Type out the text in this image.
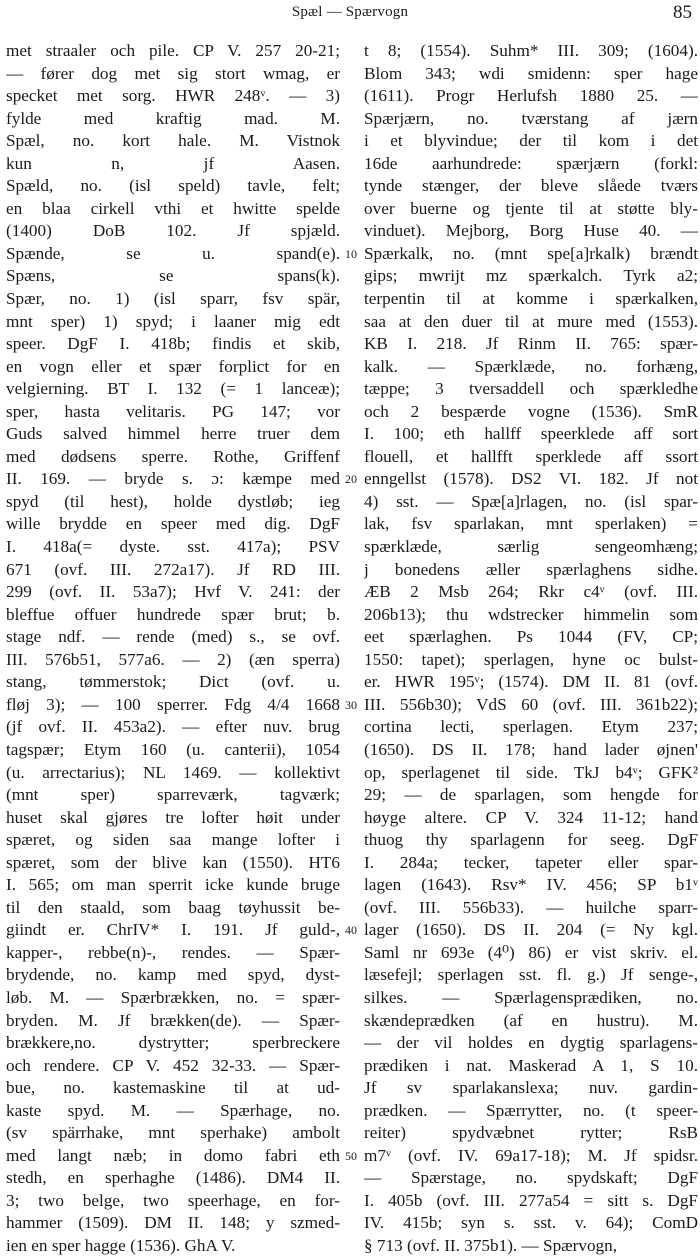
Spæl — Spærvogn	85
met straaler och pile. CP V. 257 20-21;
— fører dog met sig stort wmag, er
specket met sorg. HWR 248ᵛ. — 3)
fylde med kraftig mad. M.
Spæl, no. kort hale. M. Vistnok
kun n, jf Aasen.
Spæld, no. (isl speld) tavle, felt;
en blaa cirkell vthi et hwitte spelde
(1400) DoB 102. Jf spjæld.
Spænde, se u. spand(e).
Spæns, se spans(k).
Spær, no. 1) (isl sparr, fsv spär,
mnt sper) 1) spyd; i laaner mig edt
speer. DgF I. 418b; findis et skib,
en vogn eller et spær forplict for en
velgierning. BT I. 132 (= 1 lanceæ);
sper, hasta velitaris. PG 147; vor
Guds salved himmel herre truer dem
med dødsens sperre. Rothe, Griffenf
II. 169. — bryde s. ɔ: kæmpe med
spyd (til hest), holde dystløb; ieg
wille brydde en speer med dig. DgF
I. 418a(= dyste. sst. 417a); PSV
671 (ovf. III. 272a17). Jf RD III.
299 (ovf. II. 53a7); Hvf V. 241: der
bleffue offuer hundrede spær brut; b.
stage ndf. — rende (med) s., se ovf.
III. 576b51, 577a6. — 2) (æn sperra)
stang, tømmerstok; Dict (ovf. u.
fløj 3); — 100 sperrer. Fdg 4/4 1668
(jf ovf. II. 453a2). — efter nuv. brug
tagspær; Etym 160 (u. canterii), 1054
(u. arrectarius); NL 1469. — kollektivt
(mnt sper) sparreværk, tagværk;
huset skal gjøres tre lofter høit under
spæret, og siden saa mange lofter i
spæret, som der blive kan (1550). HT6
I. 565; om man sperrit icke kunde bruge
til den staald, som baag tøyhussit be-
giindt er. ChrIV* I. 191. Jf guld-,
kapper-, rebbe(n)-, rendes. — Spær-
brydende, no. kamp med spyd, dyst-
løb. M. — Spærbrækken, no. = spær-
bryden. M. Jf brækken(de). — Spær-
brækkere,no. dystrytter; sperbreckere
och rendere. CP V. 452 32-33. — Spær-
bue, no. kastemaskine til at ud-
kaste spyd. M. — Spærhage, no.
(sv spärrhake, mnt sperhake) ambolt
med langt næb; in domo fabri eth
stedh, en sperhaghe (1486). DM4 II.
3; two belge, two speerhage, en for-
hammer (1509). DM II. 148; y szmed-
ien en sper hagge (1536). GhA V.
t 8; (1554). Suhm* III. 309; (1604).
Blom 343; wdi smidenn: sper hage
(1611). Progr Herlufsh 1880 25. —
Spærjærn, no. tværstang af jærn
i et blyvindue; der til kom i det
16de aarhundrede: spærjærn (forkl:
tynde stænger, der bleve slåede tværs
over buerne og tjente til at støtte bly-
vinduet). Mejborg, Borg Huse 40. —
Spærkalk, no. (mnt spe[a]rkalk) brændt
gips; mwrijt mz spærkalch. Tyrk a2;
terpentin til at komme i spærkalken,
saa at den duer til at mure med (1553).
KB I. 218. Jf Rinm II. 765: spær-
kalk. — Spærklæde, no. forhæng,
tæppe; 3 tversaddell och spærkledhe
och 2 bespærde vogne (1536). SmR
I. 100; eth hallff speerklede aff sort
flouell, et hallfft sperklede aff ssort
enngellst (1578). DS2 VI. 182. Jf not
4) sst. — Spæ[a]rlagen, no. (isl spar-
lak, fsv sparlakan, mnt sperlaken) =
spærklæde, særlig sengeomhæng;
j bonedens æller spærlaghens sidhe.
ÆB 2 Msb 264; Rkr c4ᵛ (ovf. III.
206b13); thu wdstrecker himmelin som
eet spærlaghen. Ps 1044 (FV, CP;
1550: tapet); sperlagen, hyne oc bulst-
er. HWR 195ᵛ; (1574). DM II. 81 (ovf.
III. 556b30); VdS 60 (ovf. III. 361b22);
cortina lecti, sperlagen. Etym 237;
(1650). DS II. 178; hand lader øjnen'
op, sperlagenet til side. TkJ b4ᵛ; GFK²
29; — de sparlagen, som hengde for
høyge altere. CP V. 324 11-12; hand
thuog thy sparlagenn for seeg. DgF
I. 284a; tecker, tapeter eller spar-
lagen (1643). Rsv* IV. 456; SP b1ᵛ
(ovf. III. 556b33). — huilche sparr-
lager (1650). DS II. 204 (= Ny kgl.
Saml nr 693e (4⁰) 86) er vist skriv. el.
læsefejl; sperlagen sst. fl. g.) Jf senge-,
silkes. — Spærlagensprædiken, no.
skændeprædken (af en hustru). M.
— der vil holdes en dygtig sparlagens-
prædiken i nat. Maskerad A 1, S 10.
Jf sv sparlakanslexa; nuv. gardin-
prædken. — Spærrytter, no. (t speer-
reiter) spydvæbnet rytter; RsB
m7ᵛ (ovf. IV. 69a17-18); M. Jf spidsr.
— Spærstage, no. spydskaft; DgF
I. 405b (ovf. III. 277a54 = sitt s. DgF
IV. 415b; syn s. sst. v. 64); ComD
§ 713 (ovf. II. 375b1). — Spærvogn,
10
20
30
40
50
